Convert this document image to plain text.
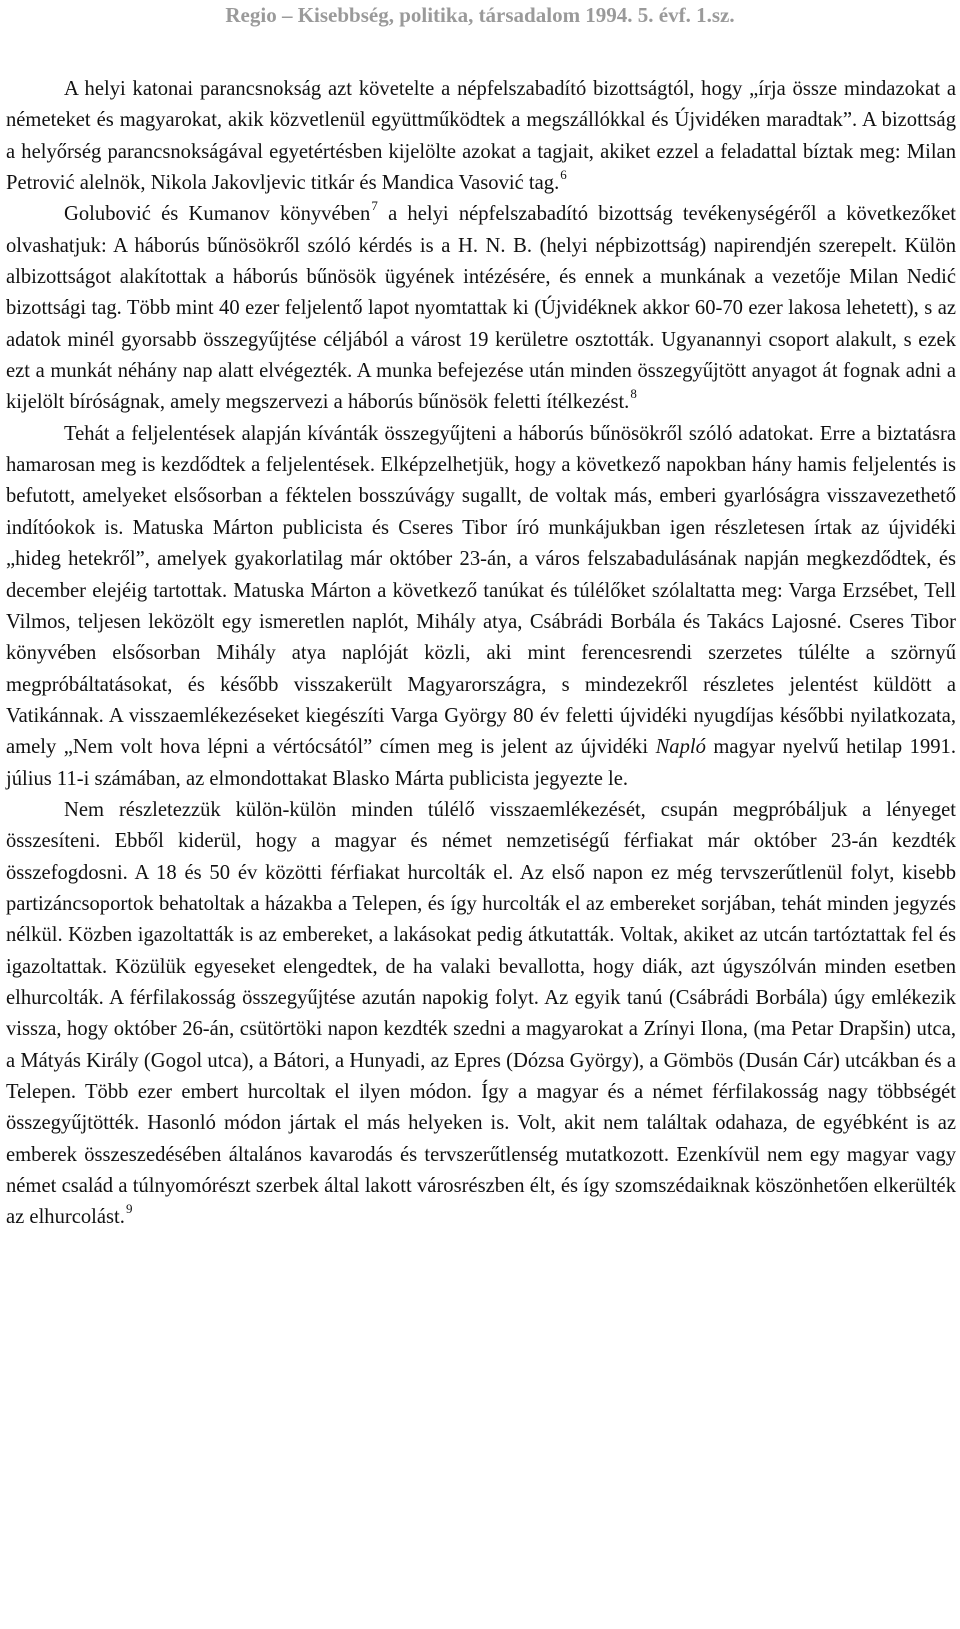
Regio – Kisebbség, politika, társadalom 1994. 5. évf. 1.sz.

A helyi katonai parancsnokság azt követelte a népfelszabadító bizottságtól, hogy „írja össze mindazokat a németeket és magyarokat, akik közvetlenül együttműködtek a megszállókkal és Újvidéken maradtak”. A bizottság a helyőrség parancsnokságával egyetértésben kijelölte azokat a tagjait, akiket ezzel a feladattal bíztak meg: Milan Petrović alelnök, Nikola Jakovljevic titkár és Mandica Vasović tag.$^6$

Golubović és Kumanov könyvében$^7$ a helyi népfelszabadító bizottság tevékenységéről a következőket olvashatjuk: A háborús bűnösökről szóló kérdés is a H. N. B. (helyi népbizottság) napirendjén szerepelt. Külön albizottságot alakítottak a háborús bűnösök ügyének intézésére, és ennek a munkának a vezetője Milan Nedić bizottsági tag. Több mint 40 ezer feljelentő lapot nyomtattak ki (Újvidéknek akkor 60-70 ezer lakosa lehetett), s az adatok minél gyorsabb összegyűjtése céljából a várost 19 kerületre osztották. Ugyanannyi csoport alakult, s ezek ezt a munkát néhány nap alatt elvégezték. A munka befejezése után minden összegyűjtött anyagot át fognak adni a kijelölt bíróságnak, amely megszervezi a háborús bűnösök feletti ítélkezést.$^8$

Tehát a feljelentések alapján kívánták összegyűjteni a háborús bűnösökről szóló adatokat. Erre a biztatásra hamarosan meg is kezdődtek a feljelentések. Elképzelhetjük, hogy a következő napokban hány hamis feljelentés is befutott, amelyeket elsősorban a féktelen bosszúvágy sugallt, de voltak más, emberi gyarlóságra visszavezethető indítóokok is. Matuska Márton publicista és Cseres Tibor író munkájukban igen részletesen írtak az újvidéki „hideg hetekről”, amelyek gyakorlatilag már október 23-án, a város felszabadulásának napján megkezdődtek, és december elejéig tartottak. Matuska Márton a következő tanúkat és túlélőket szólaltatta meg: Varga Erzsébet, Tell Vilmos, teljesen leközölt egy ismeretlen naplót, Mihály atya, Csábrádi Borbála és Takács Lajosné. Cseres Tibor könyvében elsősorban Mihály atya naplóját közli, aki mint ferencesrendi szerzetes túlélte a szörnyű megpróbáltatásokat, és később visszakerült Magyarországra, s mindezekről részletes jelentést küldött a Vatikánnak. A visszaemlékezéseket kiegészíti Varga György 80 év feletti újvidéki nyugdíjas későbbi nyilatkozata, amely „Nem volt hova lépni a vértócsától” címen meg is jelent az újvidéki Napló magyar nyelvű hetilap 1991. július 11-i számában, az elmondottakat Blasko Márta publicista jegyezte le.

Nem részletezzük külön-külön minden túlélő visszaemlékezését, csupán megpróbáljuk a lényeget összesíteni. Ebből kiderül, hogy a magyar és német nemzetiségű férfiakat már október 23-án kezdték összefogdosni. A 18 és 50 év közötti férfiakat hurcolták el. Az első napon ez még tervszerűtlenül folyt, kisebb partizáncsoportok behatoltak a házakba a Telepen, és így hurcolták el az embereket sorjában, tehát minden jegyzés nélkül. Közben igazoltatták is az embereket, a lakásokat pedig átkutatták. Voltak, akiket az utcán tartóztattak fel és igazoltattak. Közülük egyeseket elengedtek, de ha valaki bevallotta, hogy diák, azt úgyszólván minden esetben elhurcolták. A férfilakosság összegyűjtése azután napokig folyt. Az egyik tanú (Csábrádi Borbála) úgy emlékezik vissza, hogy október 26-án, csütörtöki napon kezdték szedni a magyarokat a Zrínyi Ilona, (ma Petar Drapšin) utca, a Mátyás Király (Gogol utca), a Bátori, a Hunyadi, az Epres (Dózsa György), a Gömbös (Dusán Cár) utcákban és a Telepen. Több ezer embert hurcoltak el ilyen módon. Így a magyar és a német férfilakosság nagy többségét összegyűjtötték. Hasonló módon jártak el más helyeken is. Volt, akit nem találtak odahaza, de egyébként is az emberek összeszedésében általános kavarodás és tervszerűtlenség mutatkozott. Ezenkívül nem egy magyar vagy német család a túlnyomórészt szerbek által lakott városrészben élt, és így szomszédaiknak köszönhetően elkerülték az elhurcolást.$^9$
